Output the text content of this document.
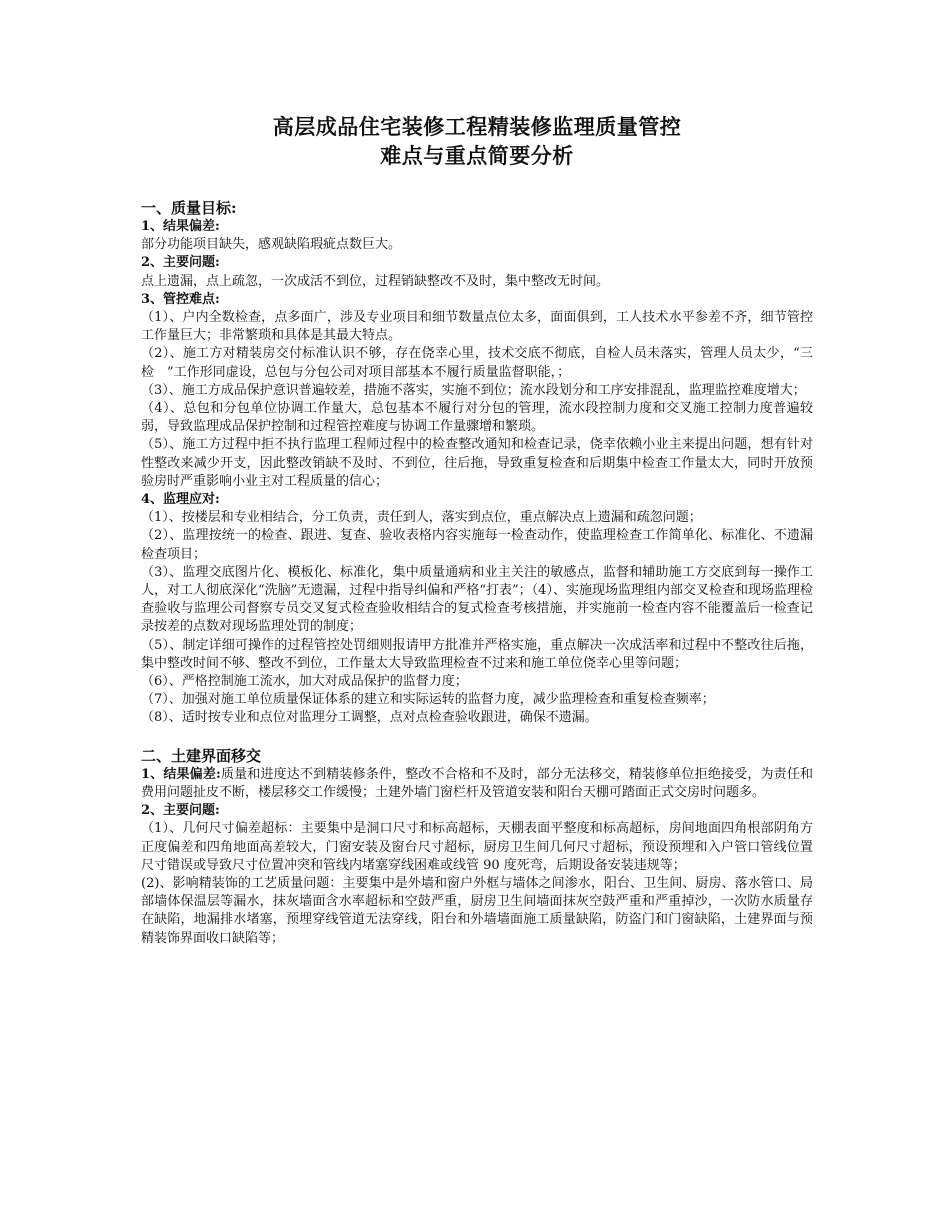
高层成品住宅装修工程精装修监理质量管控
难点与重点简要分析
一、质量目标:
1、结果偏差:
部分功能项目缺失，感观缺陷瑕疵点数巨大。
2、主要问题:
点上遗漏，点上疏忽，一次成活不到位，过程销缺整改不及时，集中整改无时间。
3、管控难点:
（1）、户内全数检查，点多面广，涉及专业项目和细节数量点位太多，面面俱到，工人技术水平参差不齐，细节管控工作量巨大；非常繁琐和具体是其最大特点。
（2）、施工方对精装房交付标准认识不够，存在侥幸心里，技术交底不彻底，自检人员未落实，管理人员太少，“三检　”工作形同虚设，总包与分包公司对项目部基本不履行质量监督职能，；
（3）、施工方成品保护意识普遍较差，措施不落实，实施不到位；流水段划分和工序安排混乱，监理监控难度增大；
（4）、总包和分包单位协调工作量大，总包基本不履行对分包的管理，流水段控制力度和交叉施工控制力度普遍较弱，导致监理成品保护控制和过程管控难度与协调工作量骤增和繁琐。
（5）、施工方过程中拒不执行监理工程师过程中的检查整改通知和检查记录，侥幸依赖小业主来提出问题，想有针对性整改来减少开支，因此整改销缺不及时、不到位，往后拖，导致重复检查和后期集中检查工作量太大，同时开放预验房时严重影响小业主对工程质量的信心；
4、监理应对:
（1）、按楼层和专业相结合，分工负责，责任到人，落实到点位，重点解决点上遗漏和疏忽问题；
（2）、监理按统一的检查、跟进、复查、验收表格内容实施每一检查动作，使监理检查工作简单化、标准化、不遗漏检查项目；
（3）、监理交底图片化、模板化、标准化，集中质量通病和业主关注的敏感点，监督和辅助施工方交底到每一操作工人，对工人彻底深化“洗脑”无遗漏，过程中指导纠偏和严格“打表”；（4）、实施现场监理组内部交叉检查和现场监理检查验收与监理公司督察专员交叉复式检查验收相结合的复式检查考核措施，并实施前一检查内容不能覆盖后一检查记录按差的点数对现场监理处罚的制度；
（5）、制定详细可操作的过程管控处罚细则报请甲方批准并严格实施，重点解决一次成活率和过程中不整改往后拖，集中整改时间不够、整改不到位，工作量太大导致监理检查不过来和施工单位侥幸心里等问题；
（6）、严格控制施工流水，加大对成品保护的监督力度；
（7）、加强对施工单位质量保证体系的建立和实际运转的监督力度，减少监理检查和重复检查频率；
（8）、适时按专业和点位对监理分工调整，点对点检查验收跟进，确保不遗漏。
二、土建界面移交
1、结果偏差:质量和进度达不到精装修条件，整改不合格和不及时，部分无法移交，精装修单位拒绝接受，为责任和费用问题扯皮不断，楼层移交工作缓慢；土建外墙门窗栏杆及管道安装和阳台天棚可踏面正式交房时问题多。
2、主要问题:
（1）、几何尺寸偏差超标：主要集中是洞口尺寸和标高超标，天棚表面平整度和标高超标，房间地面四角根部阴角方正度偏差和四角地面高差较大，门窗安装及窗台尺寸超标，厨房卫生间几何尺寸超标，预设预埋和入户管口管线位置尺寸错误或导致尺寸位置冲突和管线内堵塞穿线困难或线管 90 度死弯，后期设备安装违规等；
(2)、影响精装饰的工艺质量问题：主要集中是外墙和窗户外框与墙体之间渗水，阳台、卫生间、厨房、落水管口、局部墙体保温层等漏水，抹灰墙面含水率超标和空鼓严重，厨房卫生间墙面抹灰空鼓严重和严重掉沙，一次防水质量存在缺陷，地漏排水堵塞，预埋穿线管道无法穿线，阳台和外墙墙面施工质量缺陷，防盗门和门窗缺陷，土建界面与预精装饰界面收口缺陷等；
